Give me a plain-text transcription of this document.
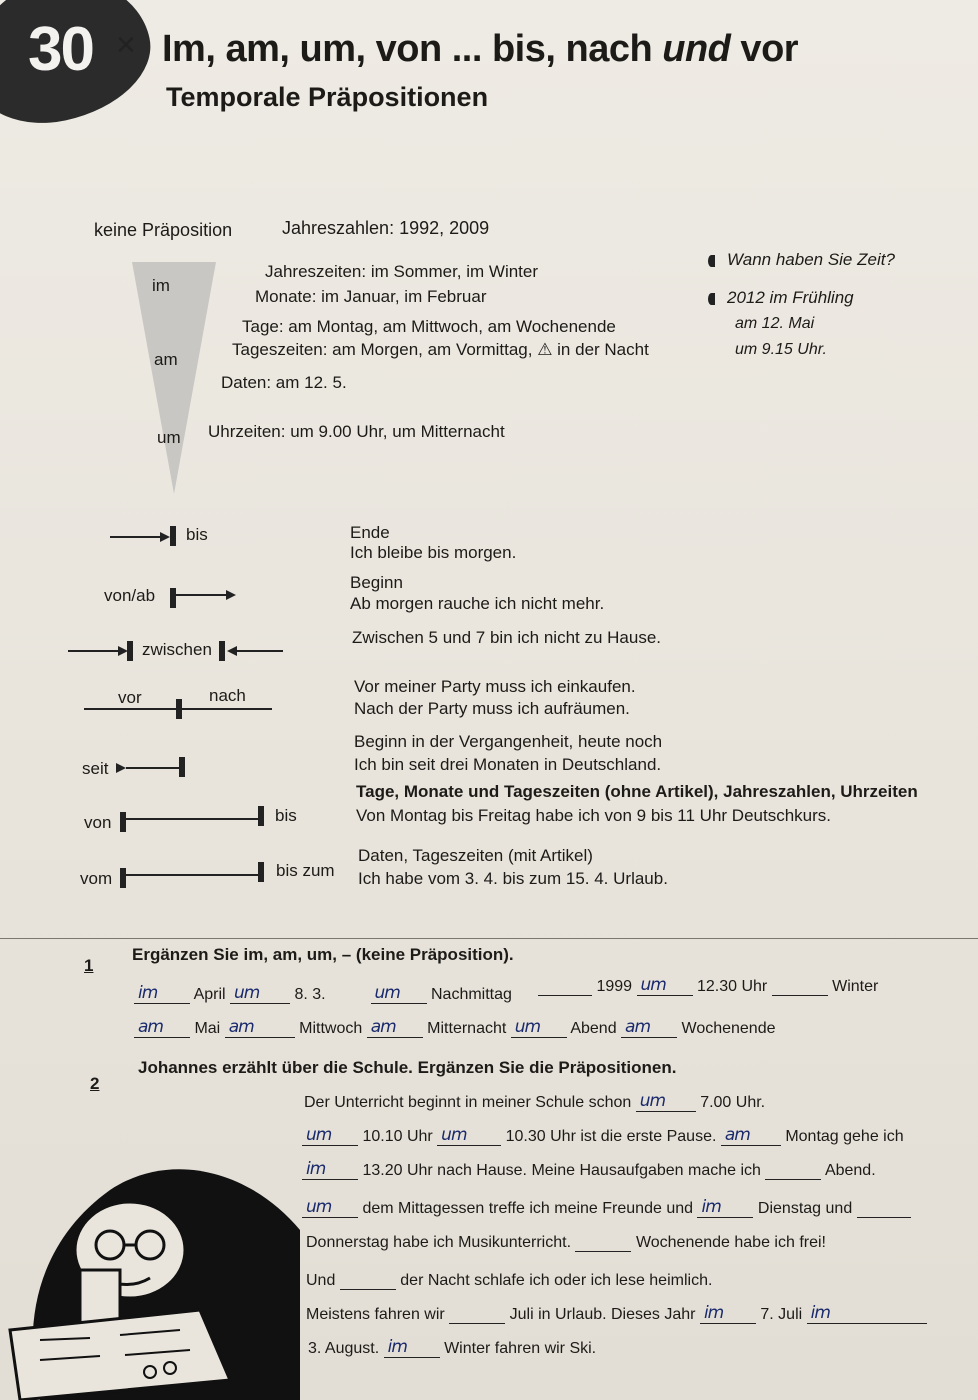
30 × Im, am, um, von ... bis, nach und vor
Temporale Präpositionen
keine Präposition	Jahreszahlen: 1992, 2009
im
Jahreszeiten: im Sommer, im Winter
Monate: im Januar, im Februar
am
Tage: am Montag, am Mittwoch, am Wochenende
Tageszeiten: am Morgen, am Vormittag, ⚠ in der Nacht
Daten: am 12. 5.
um Uhrzeiten: um 9.00 Uhr, um Mitternacht
Wann haben Sie Zeit?
2012 im Frühling
am 12. Mai
um 9.15 Uhr.
bis	Ende
Ich bleibe bis morgen.
von/ab
Beginn
Ab morgen rauche ich nicht mehr.
zwischen
Zwischen 5 und 7 bin ich nicht zu Hause.
vor	nach	Vor meiner Party muss ich einkaufen.
Nach der Party muss ich aufräumen.
seit
Beginn in der Vergangenheit, heute noch
Ich bin seit drei Monaten in Deutschland.
von	bis
Tage, Monate und Tageszeiten (ohne Artikel), Jahreszahlen, Uhrzeiten
Von Montag bis Freitag habe ich von 9 bis 11 Uhr Deutschkurs.
vom	bis zum
Daten, Tageszeiten (mit Artikel)
Ich habe vom 3. 4. bis zum 15. 4. Urlaub.
1
Ergänzen Sie im, am, um, – (keine Präposition).
im April um 8. 3.	um Nachmittag	1999 um 12.30 Uhr	Winter
am Mai am	Mittwoch am Mitternacht um Abend am Wochenende
2
Johannes erzählt über die Schule. Ergänzen Sie die Präpositionen.
Der Unterricht beginnt in meiner Schule schon um 7.00 Uhr.
um 10.10 Uhr um 10.30 Uhr ist die erste Pause. am Montag gehe ich
im 13.20 Uhr nach Hause. Meine Hausaufgaben mache ich	Abend.
um dem Mittagessen treffe ich meine Freunde und im Dienstag und
Donnerstag habe ich Musikunterricht.	Wochenende habe ich frei!
Und	der Nacht schlafe ich oder ich lese heimlich.
Meistens fahren wir	Juli in Urlaub. Dieses Jahr im 7. Juli im
3. August. im Winter fahren wir Ski.
